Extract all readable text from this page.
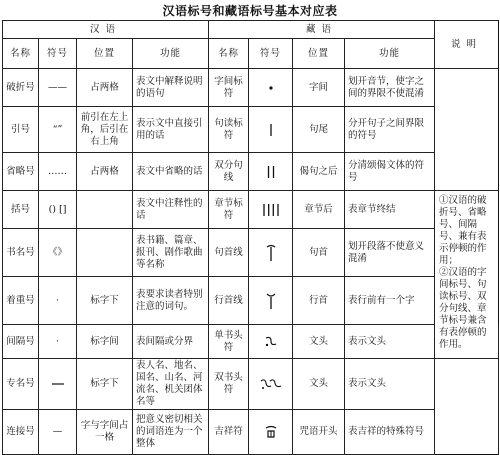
汉语标号和藏语标号基本对应表
汉语				藏语				说明	
名称	符号	位置	功能	名称	符号	位置	功能		
破折号	——	占两格	表文中解释说明的语句	字间标符		字间	划开音节，使字之间的界限不使混淆		
引号	“”	前引在左上角，后引在右上角	表示文中直接引用的话	句读标符		句尾	分开句子之间界限的符号		
省略号	……	占两格	表文中省略的话	双分句线		偈句之后	分清颂偈文体的符号		
括号	() []		表文中注释性的话	章节标符		章节后	表章节终结	①汉语的破折号、省略号、间隔号、兼有表示停顿的作用；

②汉语的字间标号、句读标号、双分句线、章节标号兼含有表停顿的作用。	

书名号	《》		表书籍、篇章、报刊、剧作歌曲等名称	句首线		句首	划开段落不使意义混淆		
着重号	·	标字下	表要求读者特别注意的词句。	行首线		行首	表行前有一个字		
间隔号	·	标字间	表间隔或分界	单书头符		文头	表示文头		
专名号		标字下	表人名、地名、国名、山名、河流名、机关团体名等	双书头符		文头	表示文头		
连接号	—	字与字间占一格	把意义密切相关的词语连为一个整体	吉祥符		咒语开头	表吉祥的特殊符号		
